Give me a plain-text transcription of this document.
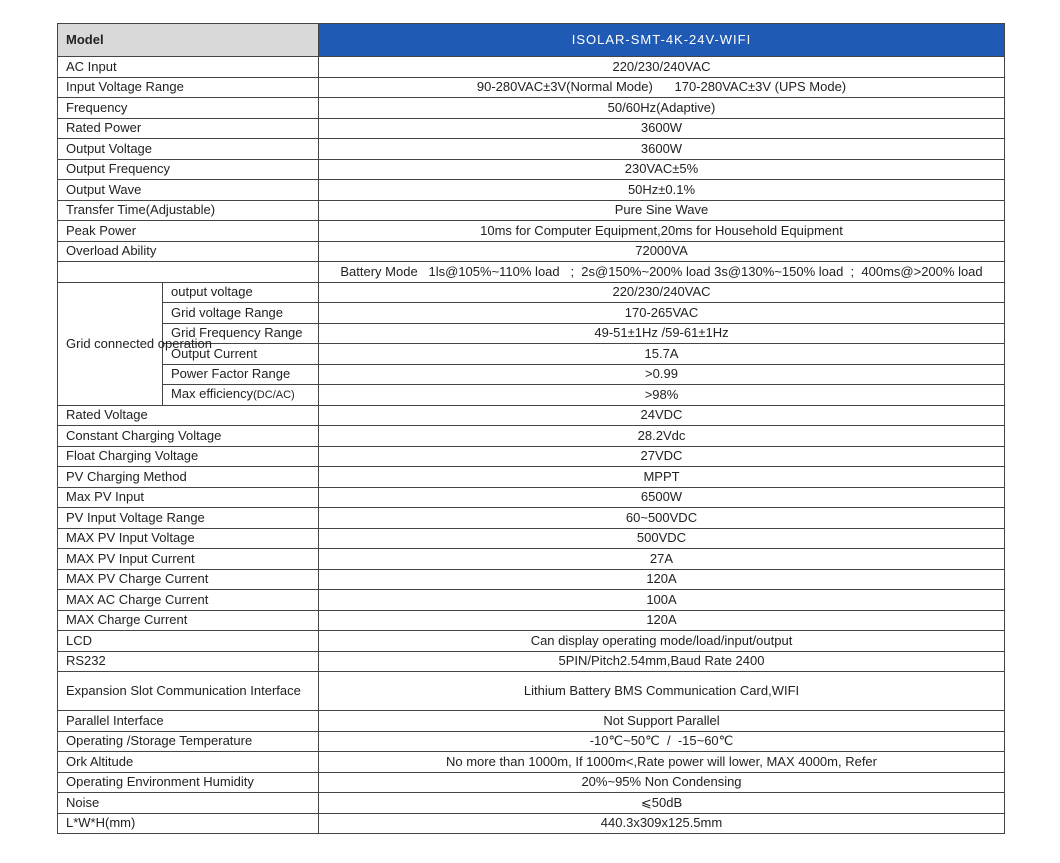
Model		ISOLAR-SMT-4K-24V-WIFI
AC Input		220/230/240VAC
Input Voltage Range		90-280VAC±3V(Normal Mode)      170-280VAC±3V (UPS Mode)
Frequency		50/60Hz(Adaptive)
Rated Power		3600W
Output Voltage		3600W
Output Frequency		230VAC±5%
Output Wave		50Hz±0.1%
Transfer Time(Adjustable)		Pure Sine Wave
Peak Power		10ms for Computer Equipment,20ms for Household Equipment
Overload Ability		72000VA
		Battery Mode   1ls@105%~110% load   ;  2s@150%~200% load 3s@130%~150% load  ;  400ms@>200% load
Grid connected operation	output voltage	220/230/240VAC
	Grid voltage Range	170-265VAC
	Grid Frequency Range	49-51±1Hz /59-61±1Hz
	Output Current	15.7A
	Power Factor Range	>0.99
	Max efficiency(DC/AC)	>98%
Rated Voltage		24VDC
Constant Charging Voltage		28.2Vdc
Float Charging Voltage		27VDC
PV Charging Method		MPPT
Max PV Input		6500W
PV Input Voltage Range		60~500VDC
MAX PV Input Voltage		500VDC
MAX PV Input Current		27A
MAX PV Charge Current		120A
MAX AC Charge Current		100A
MAX Charge Current		120A
LCD		Can display operating mode/load/input/output
RS232		5PIN/Pitch2.54mm,Baud Rate 2400
Expansion Slot Communication Interface		Lithium Battery BMS Communication Card,WIFI
Parallel Interface		Not Support Parallel
Operating /Storage Temperature		-10℃~50℃  /  -15~60℃
Ork Altitude		No more than 1000m, If 1000m<,Rate power will lower, MAX 4000m, Refer
Operating Environment Humidity		20%~95% Non Condensing
Noise		⩽50dB
L*W*H(mm)		440.3x309x125.5mm
